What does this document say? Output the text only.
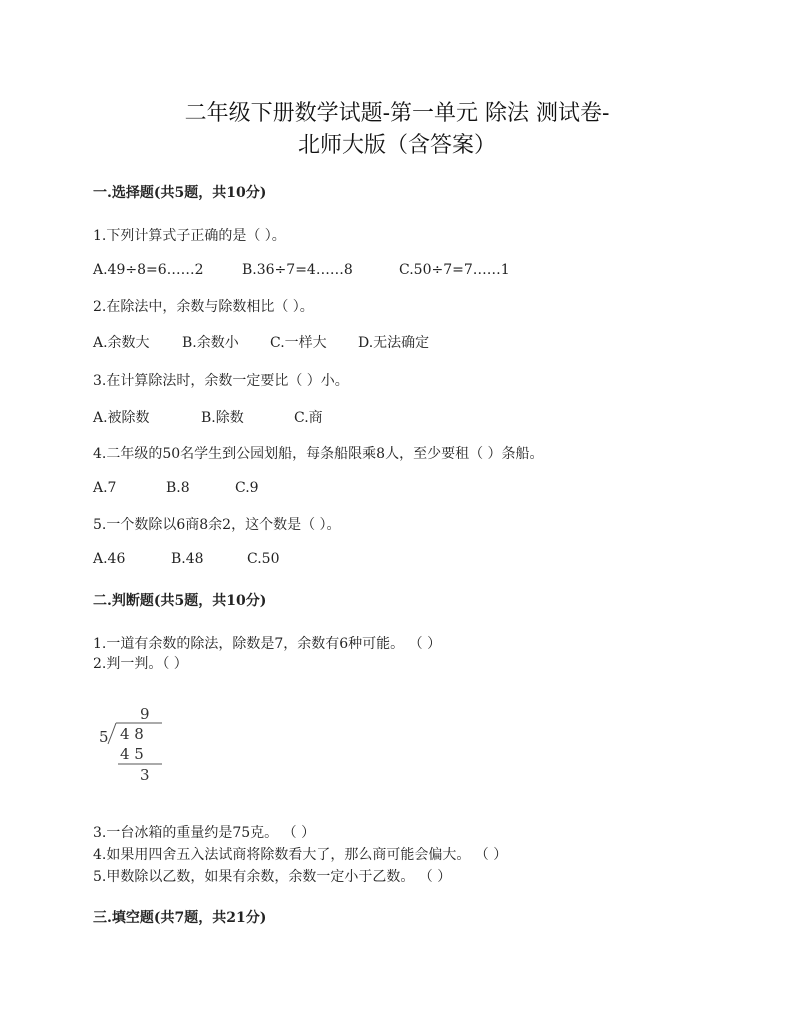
二年级下册数学试题-第一单元 除法 测试卷-
北师大版（含答案）
一.选择题(共5题，共10分)
1.下列计算式子正确的是（ ）。
A.49÷8=6……2	B.36÷7=4……8	C.50÷7=7……1
2.在除法中，余数与除数相比（ ）。
A.余数大	B.余数小	C.一样大	D.无法确定
3.在计算除法时，余数一定要比（ ）小。
A.被除数	B.除数	C.商
4.二年级的50名学生到公园划船，每条船限乘8人，至少要租（ ）条船。
A.7	B.8	C.9
5.一个数除以6商8余2，这个数是（ ）。
A.46	B.48	C.50
二.判断题(共5题，共10分)
1.一道有余数的除法，除数是7，余数有6种可能。 （ ）
2.判一判。（ ）
9
5 4 8
4 5
3
3.一台冰箱的重量约是75克。 （ ）
4.如果用四舍五入法试商将除数看大了，那么商可能会偏大。 （ ）
5.甲数除以乙数，如果有余数，余数一定小于乙数。 （ ）
三.填空题(共7题，共21分)
